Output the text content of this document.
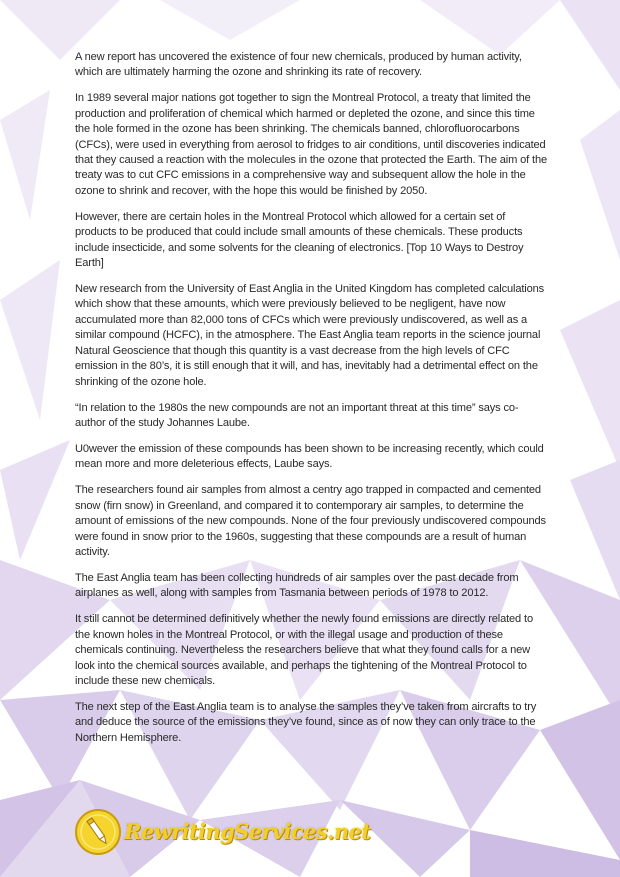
A new report has uncovered the existence of four new chemicals, produced by human activity, which are ultimately harming the ozone and shrinking its rate of recovery.

In 1989 several major nations got together to sign the Montreal Protocol, a treaty that limited the production and proliferation of chemical which harmed or depleted the ozone, and since this time the hole formed in the ozone has been shrinking. The chemicals banned, chlorofluorocarbons (CFCs), were used in everything from aerosol to fridges to air conditions, until discoveries indicated that they caused a reaction with the molecules in the ozone that protected the Earth. The aim of the treaty was to cut CFC emissions in a comprehensive way and subsequent allow the hole in the ozone to shrink and recover, with the hope this would be finished by 2050.

However, there are certain holes in the Montreal Protocol which allowed for a certain set of products to be produced that could include small amounts of these chemicals. These products include insecticide, and some solvents for the cleaning of electronics. [Top 10 Ways to Destroy Earth]

New research from the University of East Anglia in the United Kingdom has completed calculations which show that these amounts, which were previously believed to be negligent, have now accumulated more than 82,000 tons of CFCs which were previously undiscovered, as well as a similar compound (HCFC), in the atmosphere. The East Anglia team reports in the science journal Natural Geoscience that though this quantity is a vast decrease from the high levels of CFC emission in the 80’s, it is still enough that it will, and has, inevitably had a detrimental effect on the shrinking of the ozone hole.

“In relation to the 1980s the new compounds are not an important threat at this time” says co-author of the study Johannes Laube.

U0wever the emission of these compounds has been shown to be increasing recently, which could mean more and more deleterious effects, Laube says.

The researchers found air samples from almost a centry ago trapped in compacted and cemented snow (firn snow) in Greenland, and compared it to contemporary air samples, to determine the amount of emissions of the new compounds. None of the four previously undiscovered compounds were found in snow prior to the 1960s, suggesting that these compounds are a result of human activity.

The East Anglia team has been collecting hundreds of air samples over the past decade from airplanes as well, along with samples from Tasmania between periods of 1978 to 2012.

It still cannot be determined definitively whether the newly found emissions are directly related to the known holes in the Montreal Protocol, or with the illegal usage and production of these chemicals continuing. Nevertheless the researchers believe that what they found calls for a new look into the chemical sources available, and perhaps the tightening of the Montreal Protocol to include these new chemicals.

The next step of the East Anglia team is to analyse the samples they’ve taken from aircrafts to try and deduce the source of the emissions they’ve found, since as of now they can only trace to the Northern Hemisphere.

RewritingServices.net
